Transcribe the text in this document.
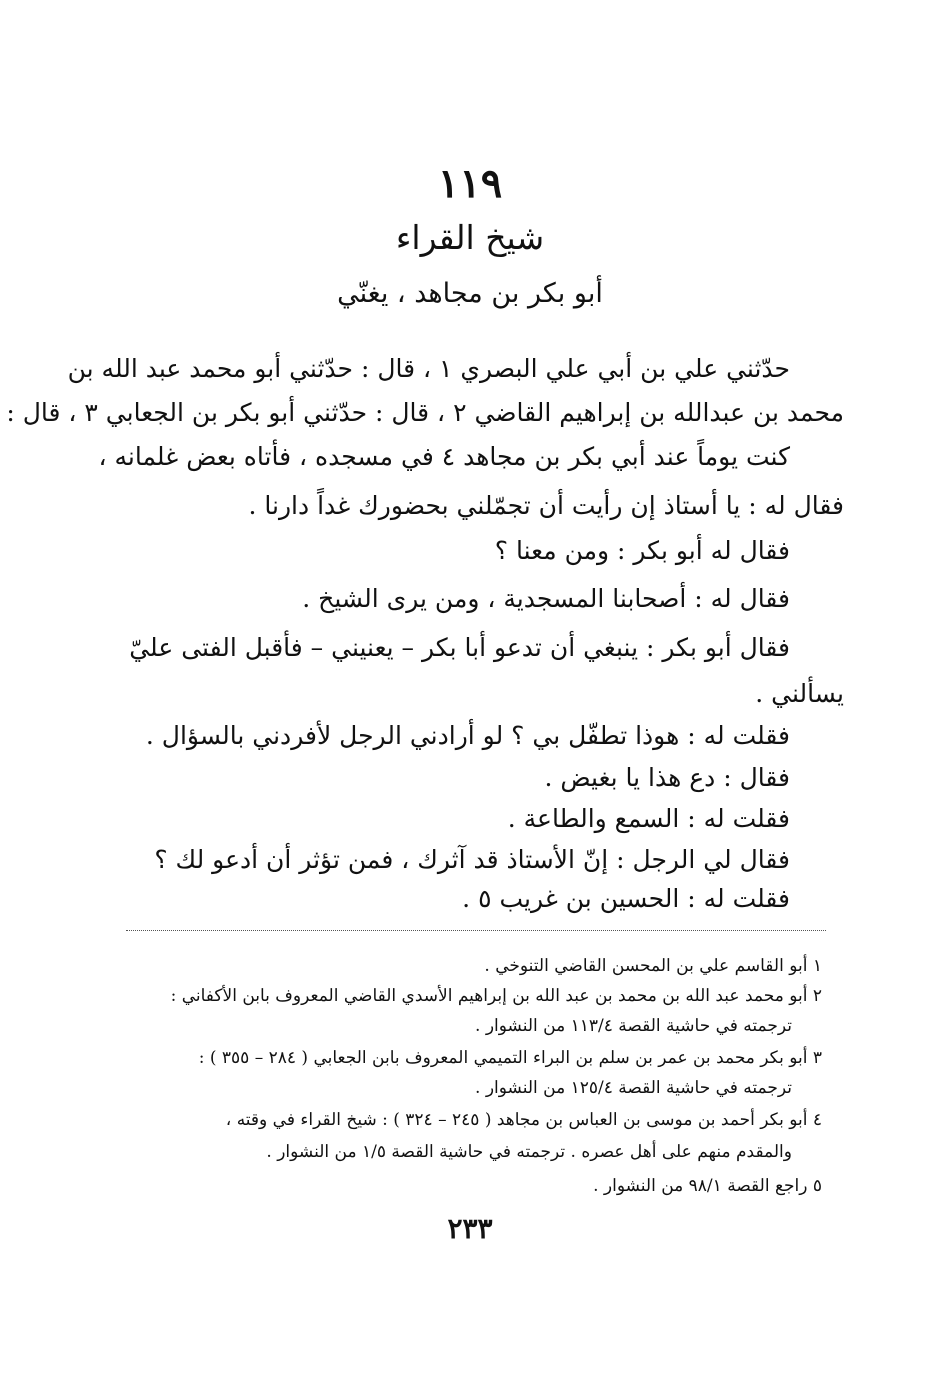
١١٩
شيخ القراء
أبو بكر بن مجاهد ، يغنّي
حدّثني علي بن أبي علي البصري ١ ، قال : حدّثني أبو محمد عبد الله بن
محمد بن عبدالله بن إبراهيم القاضي ٢ ، قال : حدّثني أبو بكر بن الجعابي ٣ ، قال :
كنت يوماً عند أبي بكر بن مجاهد ٤ في مسجده ، فأتاه بعض غلمانه ،
فقال له : يا أستاذ إن رأيت أن تجمّلني بحضورك غداً دارنا .
فقال له أبو بكر : ومن معنا ؟
فقال له : أصحابنا المسجدية ، ومن يرى الشيخ .
فقال أبو بكر : ينبغي أن تدعو أبا بكر – يعنيني – فأقبل الفتى عليّ
يسألني .
فقلت له : هوذا تطفّل بي ؟ لو أرادني الرجل لأفردني بالسؤال .
فقال : دع هذا يا بغيض .
فقلت له : السمع والطاعة .
فقال لي الرجل : إنّ الأستاذ قد آثرك ، فمن تؤثر أن أدعو لك ؟
فقلت له : الحسين بن غريب ٥ .
١ أبو القاسم علي بن المحسن القاضي التنوخي .
٢ أبو محمد عبد الله بن محمد بن عبد الله بن إبراهيم الأسدي القاضي المعروف بابن الأكفاني :
ترجمته في حاشية القصة ١١٣/٤ من النشوار .
٣ أبو بكر محمد بن عمر بن سلم بن البراء التميمي المعروف بابن الجعابي ( ٢٨٤ – ٣٥٥ ) :
ترجمته في حاشية القصة ١٢٥/٤ من النشوار .
٤ أبو بكر أحمد بن موسى بن العباس بن مجاهد ( ٢٤٥ – ٣٢٤ ) : شيخ القراء في وقته ،
والمقدم منهم على أهل عصره . ترجمته في حاشية القصة ١/٥ من النشوار .
٥ راجع القصة ٩٨/١ من النشوار .
٢٣٣
